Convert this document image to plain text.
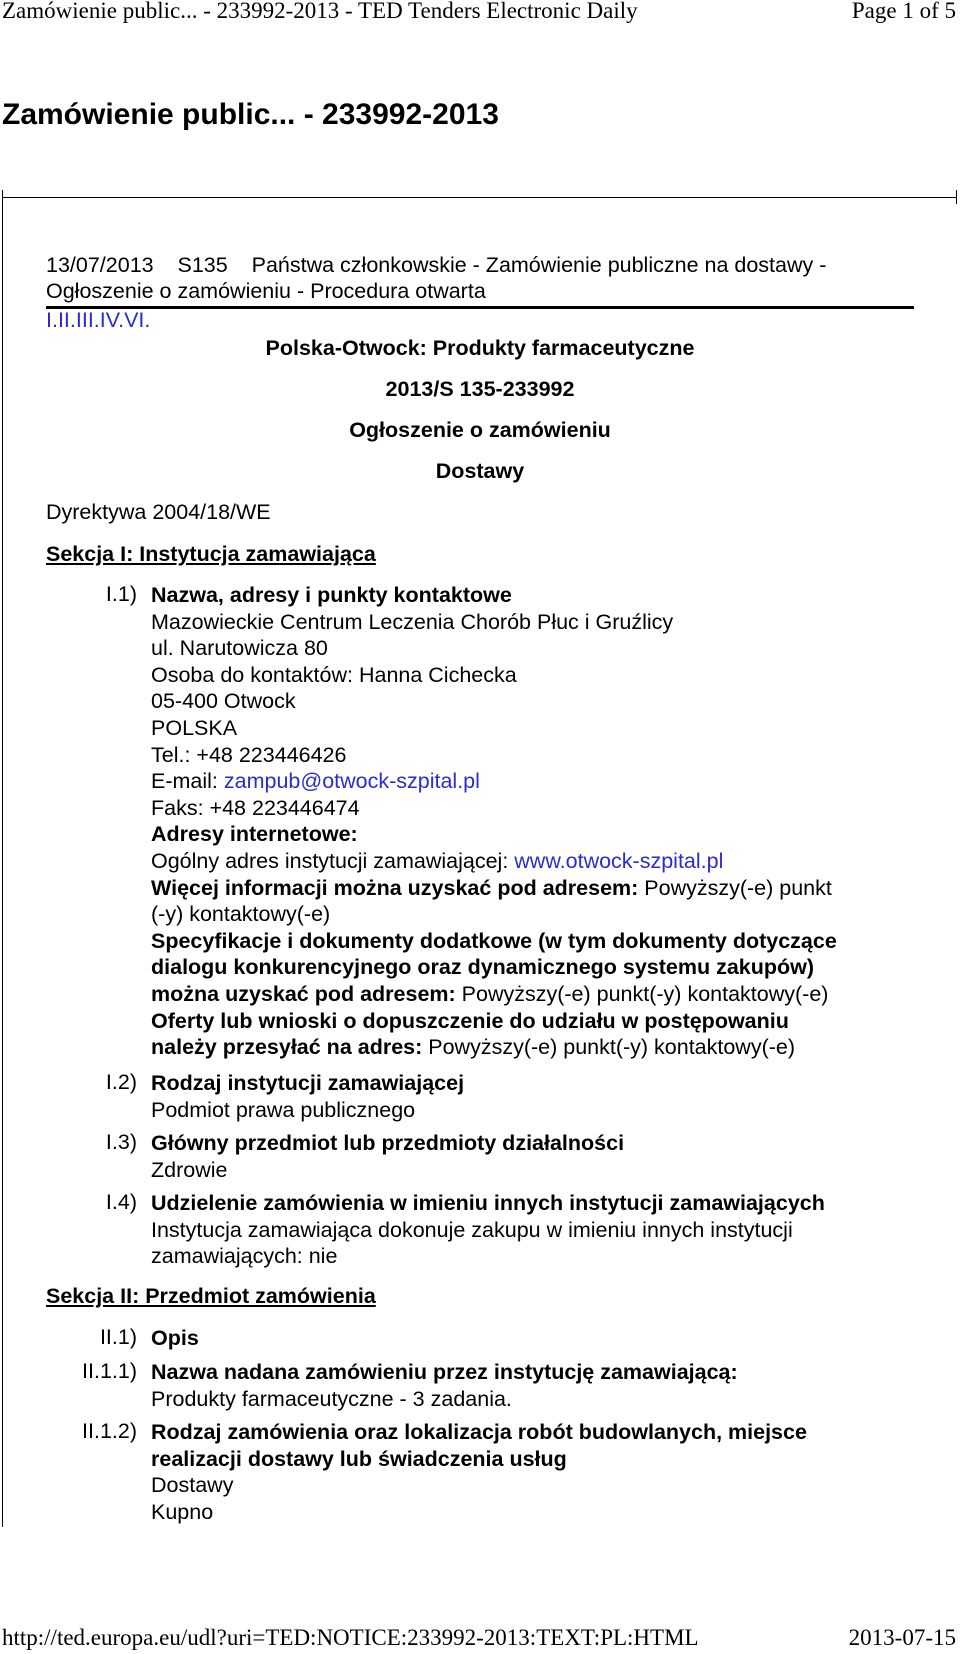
Zamówienie public... - 233992-2013 - TED Tenders Electronic Daily	Page 1 of 5
Zamówienie public... - 233992-2013
13/07/2013    S135    Państwa członkowskie - Zamówienie publiczne na dostawy -
Ogłoszenie o zamówieniu - Procedura otwarta
I.II.III.IV.VI.
Polska-Otwock: Produkty farmaceutyczne
2013/S 135-233992
Ogłoszenie o zamówieniu
Dostawy
Dyrektywa 2004/18/WE
Sekcja I: Instytucja zamawiająca
I.1) Nazwa, adresy i punkty kontaktowe
Mazowieckie Centrum Leczenia Chorób Płuc i Gruźlicy
ul. Narutowicza 80
Osoba do kontaktów: Hanna Cichecka
05-400 Otwock
POLSKA
Tel.: +48 223446426
E-mail: zampub@otwock-szpital.pl
Faks: +48 223446474
Adresy internetowe:
Ogólny adres instytucji zamawiającej: www.otwock-szpital.pl
Więcej informacji można uzyskać pod adresem: Powyższy(-e) punkt
(-y) kontaktowy(-e)
Specyfikacje i dokumenty dodatkowe (w tym dokumenty dotyczące
dialogu konkurencyjnego oraz dynamicznego systemu zakupów)
można uzyskać pod adresem: Powyższy(-e) punkt(-y) kontaktowy(-e)
Oferty lub wnioski o dopuszczenie do udziału w postępowaniu
należy przesyłać na adres: Powyższy(-e) punkt(-y) kontaktowy(-e)
I.2) Rodzaj instytucji zamawiającej
Podmiot prawa publicznego
I.3) Główny przedmiot lub przedmioty działalności
Zdrowie
I.4) Udzielenie zamówienia w imieniu innych instytucji zamawiających
Instytucja zamawiająca dokonuje zakupu w imieniu innych instytucji
zamawiających: nie
Sekcja II: Przedmiot zamówienia
II.1) Opis
II.1.1) Nazwa nadana zamówieniu przez instytucję zamawiającą:
Produkty farmaceutyczne - 3 zadania.
II.1.2) Rodzaj zamówienia oraz lokalizacja robót budowlanych, miejsce
realizacji dostawy lub świadczenia usług
Dostawy
Kupno
http://ted.europa.eu/udl?uri=TED:NOTICE:233992-2013:TEXT:PL:HTML	2013-07-15
